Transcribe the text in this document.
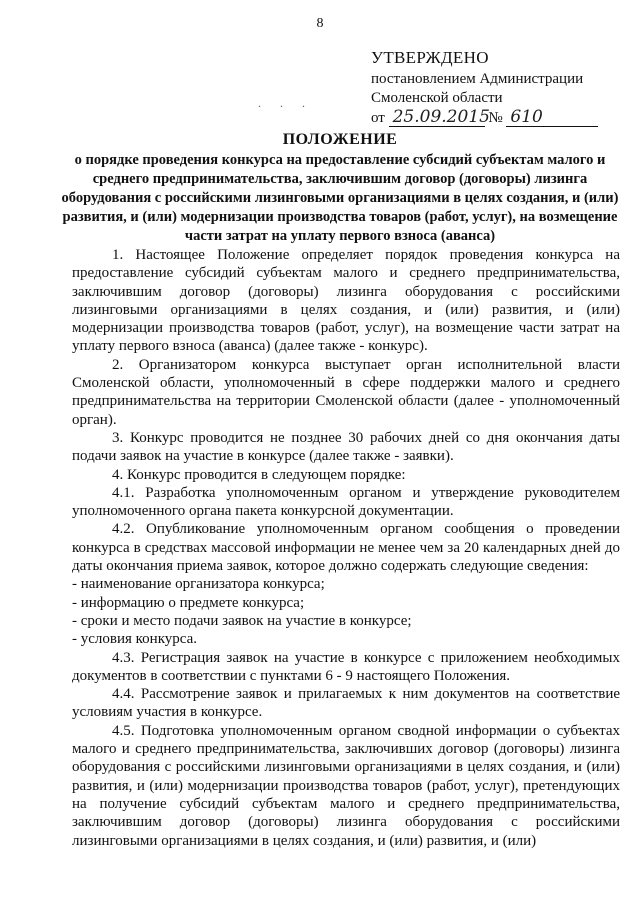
8
. . .
УТВЕРЖДЕНО
постановлением Администрации
Смоленской области
от 25.09.2015 № 610
ПОЛОЖЕНИЕ
о порядке проведения конкурса на предоставление субсидий субъектам малого и среднего предпринимательства, заключившим договор (договоры) лизинга оборудования с российскими лизинговыми организациями в целях создания, и (или) развития, и (или) модернизации производства товаров (работ, услуг), на возмещение части затрат на уплату первого взноса (аванса)

1. Настоящее Положение определяет порядок проведения конкурса на предоставление субсидий субъектам малого и среднего предпринимательства, заключившим договор (договоры) лизинга оборудования с российскими лизинговыми организациями в целях создания, и (или) развития, и (или) модернизации производства товаров (работ, услуг), на возмещение части затрат на уплату первого взноса (аванса) (далее также - конкурс).

2. Организатором конкурса выступает орган исполнительной власти Смоленской области, уполномоченный в сфере поддержки малого и среднего предпринимательства на территории Смоленской области (далее - уполномоченный орган).

3. Конкурс проводится не позднее 30 рабочих дней со дня окончания даты подачи заявок на участие в конкурсе (далее также - заявки).

4. Конкурс проводится в следующем порядке:

4.1. Разработка уполномоченным органом и утверждение руководителем уполномоченного органа пакета конкурсной документации.

4.2. Опубликование уполномоченным органом сообщения о проведении конкурса в средствах массовой информации не менее чем за 20 календарных дней до даты окончания приема заявок, которое должно содержать следующие сведения:

- наименование организатора конкурса;

- информацию о предмете конкурса;

- сроки и место подачи заявок на участие в конкурсе;

- условия конкурса.

4.3. Регистрация заявок на участие в конкурсе с приложением необходимых документов в соответствии с пунктами 6 - 9 настоящего Положения.

4.4. Рассмотрение заявок и прилагаемых к ним документов на соответствие условиям участия в конкурсе.

4.5. Подготовка уполномоченным органом сводной информации о субъектах малого и среднего предпринимательства, заключивших договор (договоры) лизинга оборудования с российскими лизинговыми организациями в целях создания, и (или) развития, и (или) модернизации производства товаров (работ, услуг), претендующих на получение субсидий субъектам малого и среднего предпринимательства, заключившим договор (договоры) лизинга оборудования с российскими лизинговыми организациями в целях создания, и (или) развития, и (или)
